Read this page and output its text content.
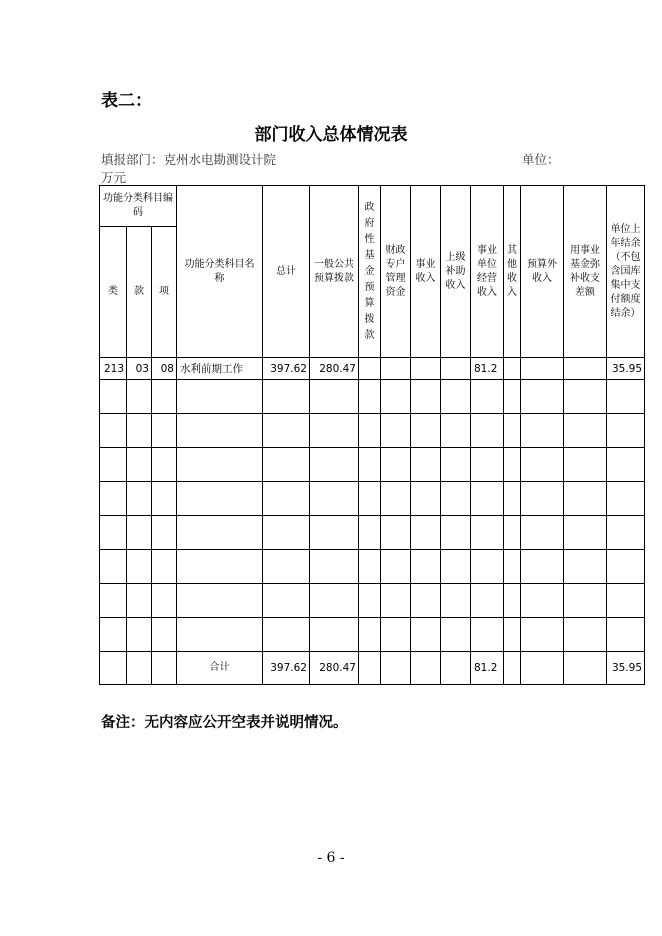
表二：
部门收入总体情况表
填报部门：克州水电勘测设计院	单位：
万元
功能分类科目编码			功能分类科目名称	总计	一般公共预算拨款	政府性基金预算拨款	财政专户管理资金	事业收入	上级补助收入	事业单位经营收入	其他收入	预算外收入	用事业基金弥补收支差额	单位上年结余（不包含国库集中支付额度结余）
类	款	项												
213	03	08	水利前期工作	397.62	280.47					81.2				35.95

			合计	397.62	280.47					81.2				35.95
备注：无内容应公开空表并说明情况。
- 6 -
